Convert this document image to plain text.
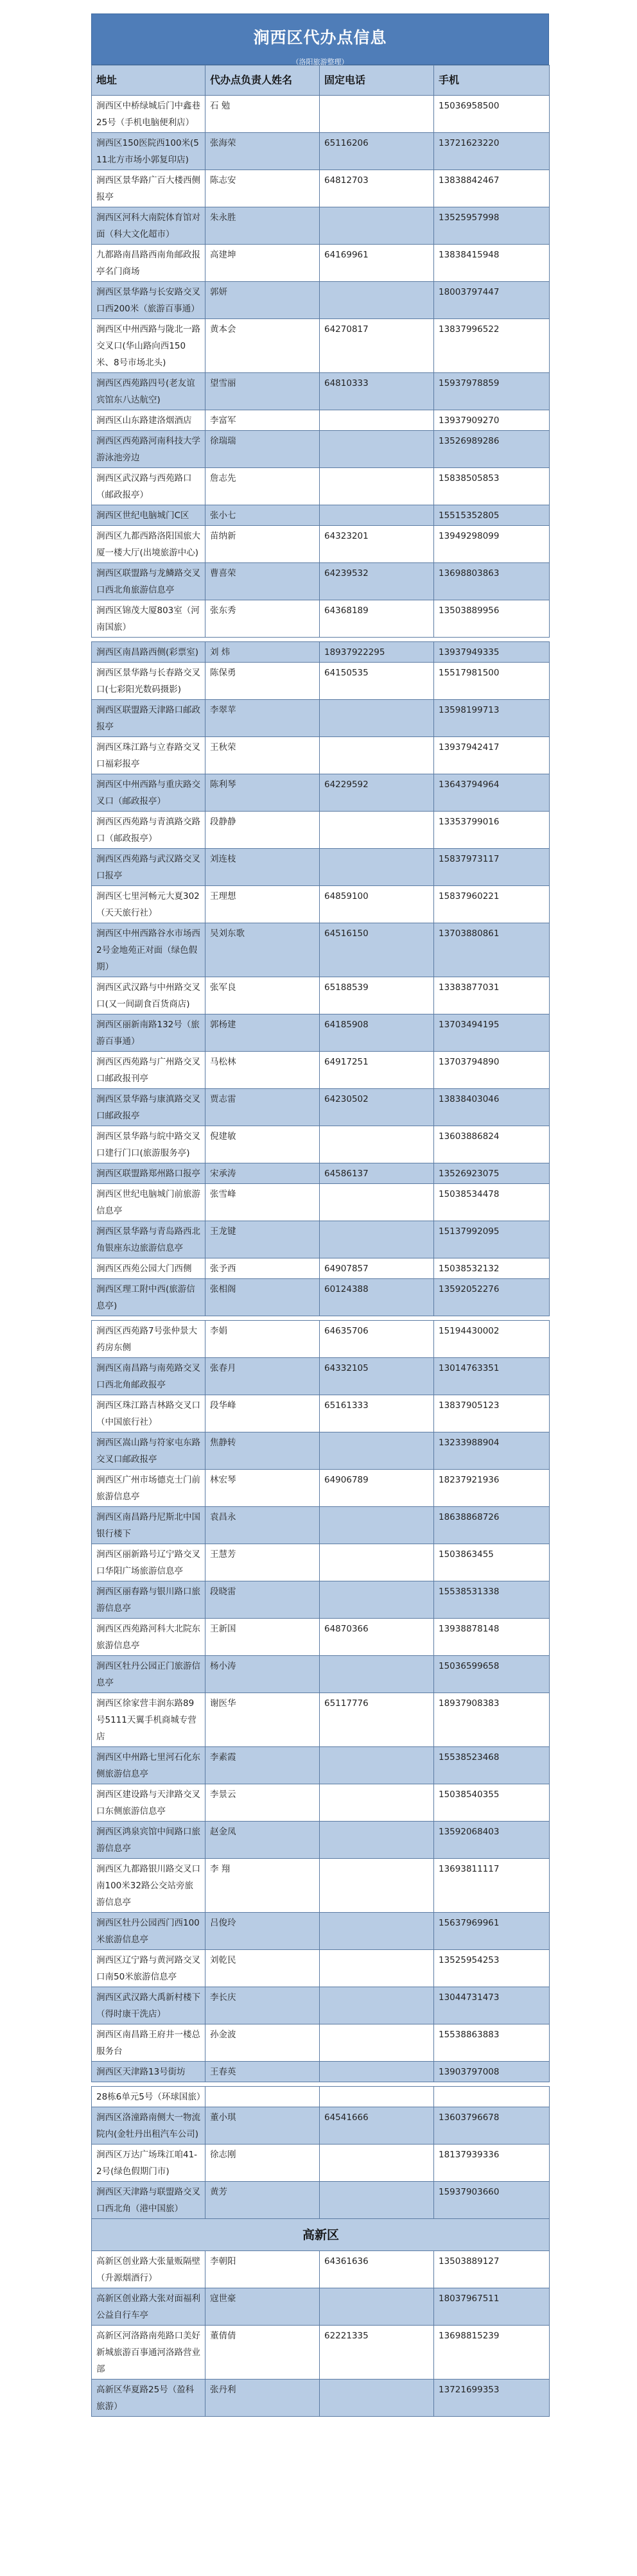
涧西区代办点信息
（洛阳旅游整理）
地址	代办点负责人姓名	固定电话	手机
涧西区中桥绿城后门中鑫巷25号（手机电脑便利店）	石 勉		15036958500
涧西区150医院西100米(511北方市场小郭复印店)	张海荣	65116206	13721623220
涧西区景华路广百大楼西侧报亭	陈志安	64812703	13838842467
涧西区河科大南院体育馆对面（科大文化超市）	朱永胜		13525957998
九都路南昌路西南角邮政报亭名门商场	高建坤	64169961	13838415948
涧西区景华路与长安路交叉口西200米（旅游百事通）	郭妍		18003797447
涧西区中州西路与陇北一路交叉口(华山路向西150米、8号市场北头)	黄本会	64270817	13837996522
涧西区西苑路四号(老友谊宾馆东八达航空)	望雪丽	64810333	15937978859
涧西区山东路建洛烟酒店	李富军		13937909270
涧西区西苑路河南科技大学游泳池旁边	徐瑞瑞		13526989286
涧西区武汉路与西苑路口（邮政报亭）	詹志先		15838505853
涧西区世纪电脑城门C区	张小七		15515352805
涧西区九都西路洛阳国旅大厦一楼大厅(出境旅游中心)	苗纳新	64323201	13949298099
涧西区联盟路与龙鳞路交叉口西北角旅游信息亭	曹喜荣	64239532	13698803863
涧西区锦茂大厦803室（河南国旅）	张东秀	64368189	13503889956
涧西区南昌路西侧(彩票室)	刘 炜	18937922295	13937949335
涧西区景华路与长春路交叉口(七彩阳光数码摄影)	陈保勇	64150535	15517981500
涧西区联盟路天津路口邮政报亭	李翠苹		13598199713
涧西区珠江路与立春路交叉口福彩报亭	王秋荣		13937942417
涧西区中州西路与重庆路交叉口（邮政报亭）	陈利琴	64229592	13643794964
涧西区西苑路与青滇路交路口（邮政报亭）	段静静		13353799016
涧西区西苑路与武汉路交叉口报亭	刘连枝		15837973117
涧西区七里河畅元大夏302（天天旅行社）	王理想	64859100	15837960221
涧西区中州西路谷水市场西2号金地苑正对面（绿色假期）	吴刘东歌	64516150	13703880861
涧西区武汉路与中州路交叉口(又一间副食百货商店)	张军良	65188539	13383877031
涧西区丽新南路132号（旅游百事通）	郭杨建	64185908	13703494195
涧西区西苑路与广州路交叉口邮政报刊亭	马松林	64917251	13703794890
涧西区景华路与康滇路交叉口邮政报亭	贾志雷	64230502	13838403046
涧西区景华路与皖中路交叉口建行门口(旅游服务亭)	倪建敏		13603886824
涧西区联盟路郑州路口报亭	宋承涛	64586137	13526923075
涧西区世纪电脑城门前旅游信息亭	张雪峰		15038534478
涧西区景华路与青岛路西北角银座东边旅游信息亭	王龙键		15137992095
涧西区西苑公园大门西侧	张予西	64907857	15038532132
涧西区理工附中西(旅游信息亭)	张相阁	60124388	13592052276
涧西区西苑路7号张仲景大药房东侧	李娟	64635706	15194430002
涧西区南昌路与南苑路交叉口西北角邮政报亭	张春月	64332105	13014763351
涧西区珠江路吉林路交叉口（中国旅行社）	段华峰	65161333	13837905123
涧西区嵩山路与符家屯东路交叉口邮政报亭	焦静转		13233988904
涧西区广州市场德克士门前旅游信息亭	林宏琴	64906789	18237921936
涧西区南昌路丹尼斯北中国银行楼下	袁昌永		18638868726
涧西区丽新路号辽宁路交叉口华阳广场旅游信息亭	王慧芳		1503863455
涧西区丽春路与银川路口旅游信息亭	段晓雷		15538531338
涧西区西苑路河科大北院东旅游信息亭	王新国	64870366	13938878148
涧西区牡丹公园正门旅游信息亭	杨小涛		15036599658
涧西区徐家营丰润东路89号5111天翼手机商城专营店	谢医华	65117776	18937908383
涧西区中州路七里河石化东侧旅游信息亭	李素霞		15538523468
涧西区建设路与天津路交叉口东侧旅游信息亭	李景云		15038540355
涧西区鸿泉宾馆中间路口旅游信息亭	赵金凤		13592068403
涧西区九都路银川路交叉口南100米32路公交站旁旅游信息亭	李 翔		13693811117
涧西区牡丹公园西门西100米旅游信息亭	吕俊玲		15637969961
涧西区辽宁路与黄河路交叉口南50米旅游信息亭	刘乾民		13525954253
涧西区武汉路大禹新村楼下（得时康干洗店）	李长庆		13044731473
涧西区南昌路王府井一楼总服务台	孙金波		15538863883
涧西区天津路13号街坊	王春英		13903797008
28栋6单元5号（环球国旅）			
涧西区洛潼路南侧大一物流院内(金牡丹出租汽车公司)	董小琪	64541666	13603796678
涧西区万达广场珠江咱41-2号(绿色假期门市)	徐志刚		18137939336
涧西区天津路与联盟路交叉口西北角（港中国旅）	黄芳		15937903660
高新区			
高新区创业路大张量贩隔壁（升源烟酒行）	李朝阳	64361636	13503889127
高新区创业路大张对面福利公益自行车亭	寇世豪		18037967511
高新区河洛路南苑路口美好新城旅游百事通河洛路营业部	董倩倩	62221335	13698815239
高新区华夏路25号（盈科旅游）	张丹利		13721699353
